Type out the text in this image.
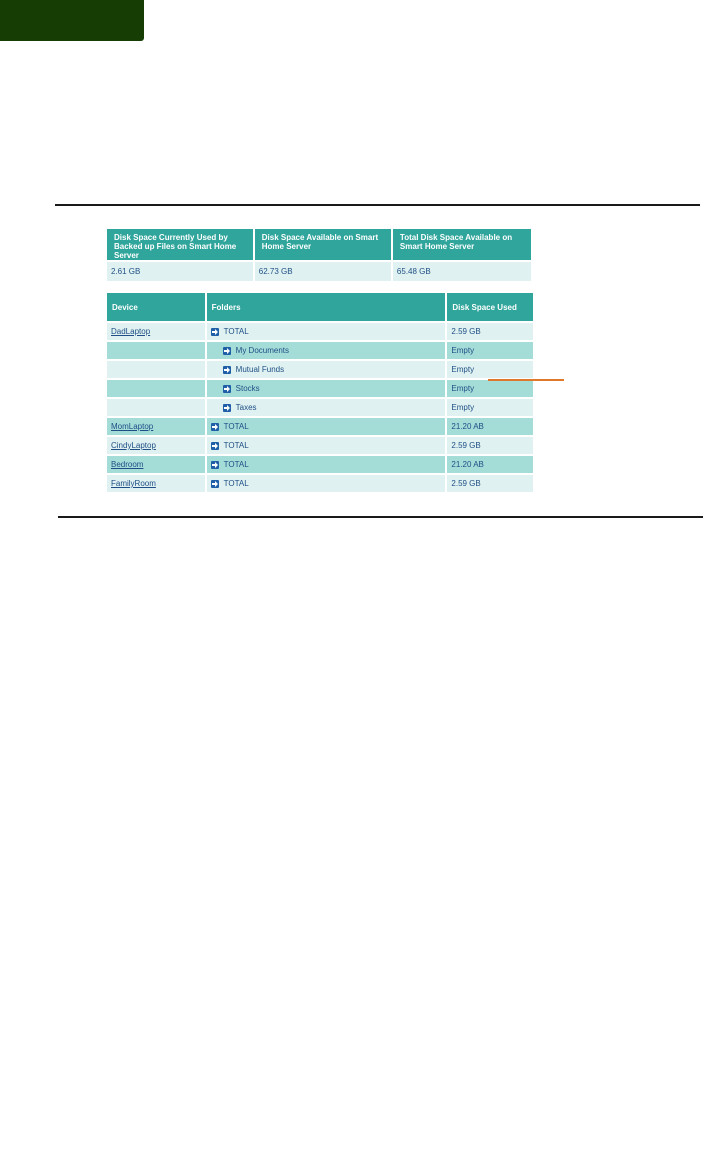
Disk Space Currently Used by Backed up Files on Smart Home Server	Disk Space Available on Smart Home Server	Total Disk Space Available on Smart Home Server
2.61 GB	62.73 GB	65.48 GB
Device	Folders	Disk Space Used
DadLaptop	TOTAL	2.59 GB

	My Documents	Empty

	Mutual Funds	Empty

	Stocks	Empty

	Taxes	Empty
MomLaptop	TOTAL	21.20 AB
CindyLaptop	TOTAL	2.59 GB
Bedroom	TOTAL	21.20 AB
FamilyRoom	TOTAL	2.59 GB
